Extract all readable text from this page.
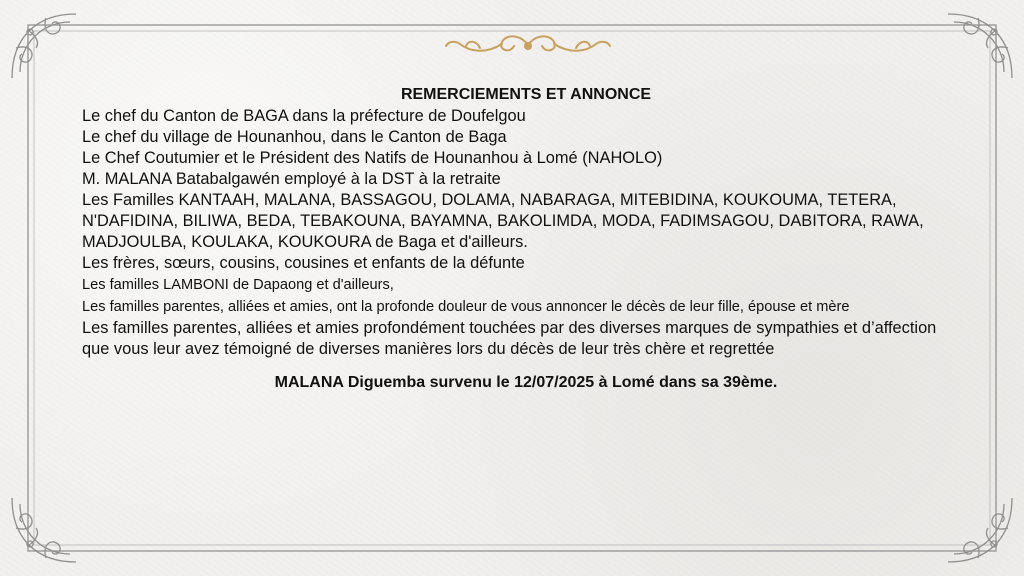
REMERCIEMENTS ET ANNONCE

Le chef du Canton de BAGA dans la préfecture de Doufelgou

Le chef du village de Hounanhou, dans le Canton de Baga

Le Chef Coutumier et le Président des Natifs de Hounanhou à Lomé (NAHOLO)

M. MALANA Batabalgawén employé à la DST à la retraite

Les Familles KANTAAH, MALANA, BASSAGOU, DOLAMA, NABARAGA, MITEBIDINA, KOUKOUMA, TETERA, N'DAFIDINA, BILIWA, BEDA, TEBAKOUNA, BAYAMNA, BAKOLIMDA, MODA, FADIMSAGOU, DABITORA, RAWA, MADJOULBA, KOULAKA, KOUKOURA de Baga et d'ailleurs.

Les frères, sœurs, cousins, cousines et enfants de la défunte

Les familles LAMBONI de Dapaong et d'ailleurs,

Les familles parentes, alliées et amies, ont la profonde douleur de vous annoncer le décès de leur fille, épouse et mère

Les familles parentes, alliées et amies profondément touchées par des diverses marques de sympathies et d’affection que vous leur avez témoigné de diverses manières lors du décès de leur très chère et regrettée

MALANA Diguemba survenu le 12/07/2025 à Lomé dans sa 39ème.
